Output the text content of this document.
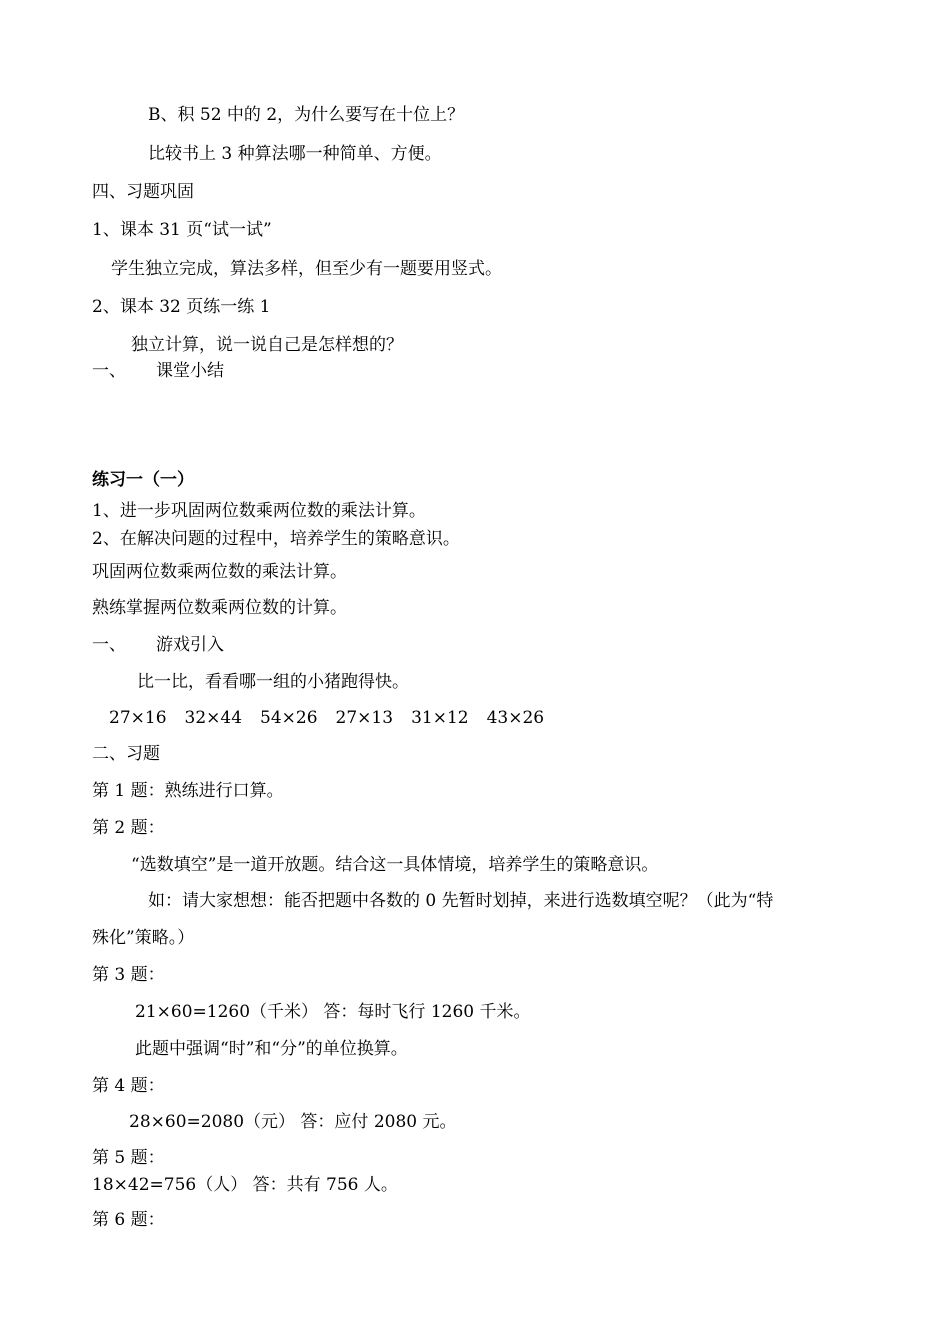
B、积 52 中的 2，为什么要写在十位上？
比较书上 3 种算法哪一种简单、方便。
四、习题巩固
1、课本 31 页“试一试”
学生独立完成，算法多样，但至少有一题要用竖式。
2、课本 32 页练一练 1
独立计算，说一说自己是怎样想的？
一、 课堂小结
练习一（一）
1、进一步巩固两位数乘两位数的乘法计算。
2、在解决问题的过程中，培养学生的策略意识。
巩固两位数乘两位数的乘法计算。
熟练掌握两位数乘两位数的计算。
一、 游戏引入
比一比，看看哪一组的小猪跑得快。
27×16 32×44 54×26 27×13 31×12 43×26
二、习题
第 1 题：熟练进行口算。
第 2 题：
“选数填空”是一道开放题。结合这一具体情境，培养学生的策略意识。
如：请大家想想：能否把题中各数的 0 先暂时划掉，来进行选数填空呢？（此为“特
殊化”策略。）
第 3 题：
21×60=1260（千米） 答：每时飞行 1260 千米。
此题中强调“时”和“分”的单位换算。
第 4 题：
28×60=2080（元） 答：应付 2080 元。
第 5 题：
18×42=756（人） 答：共有 756 人。
第 6 题：
